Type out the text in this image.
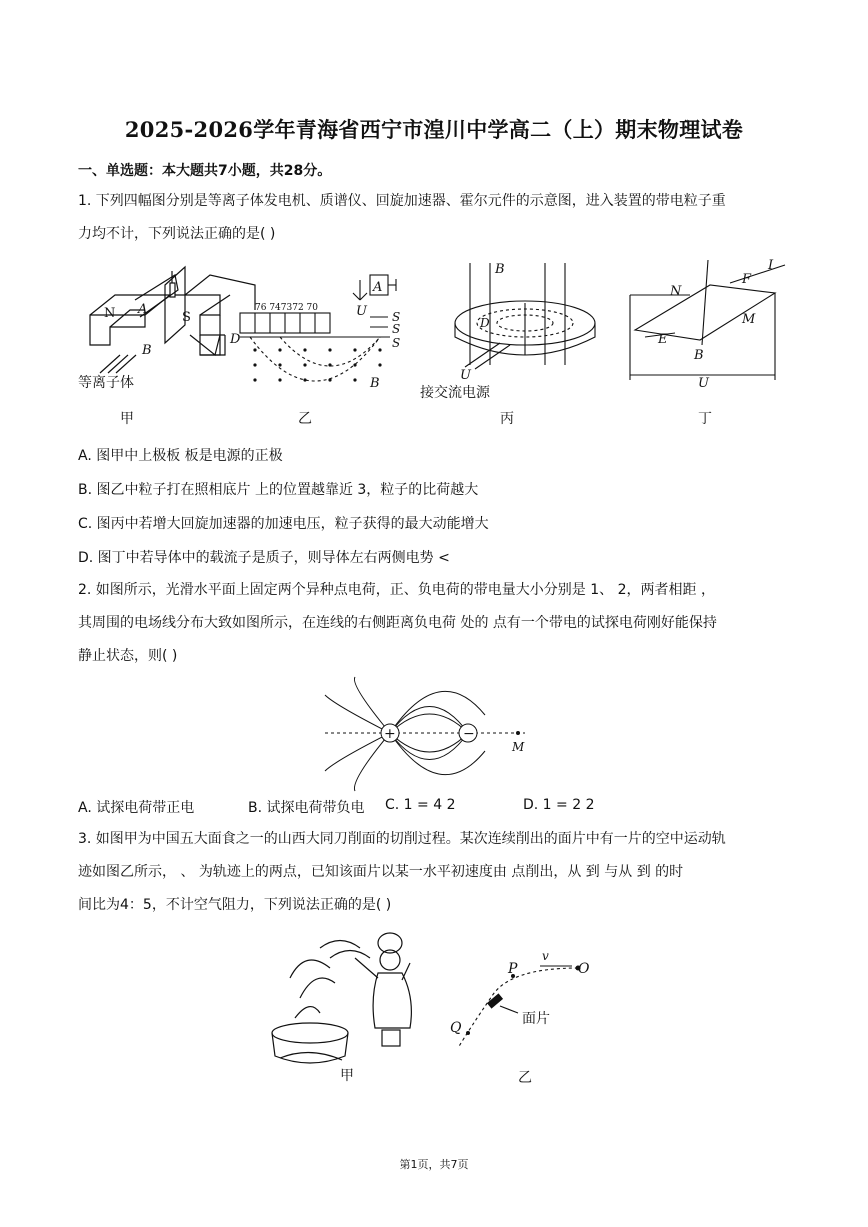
2025-2026学年青海省西宁市湟川中学高二（上）期末物理试卷
一、单选题：本大题共7小题，共28分。
1. 下列四幅图分别是等离子体发电机、质谱仪、回旋加速器、霍尔元件的示意图，进入装置的带电粒子重
力均不计，下列说法正确的是( )
N A
S
B
等离子体
甲
76 747372 70
D
A
U S
S
S
B
乙
B
D
U
接交流电源
丙
N
F
I
M
E
B
U
丁
A. 图甲中上极板 板是电源的正极
B. 图乙中粒子打在照相底片 上的位置越靠近 3，粒子的比荷越大
C. 图丙中若增大回旋加速器的加速电压，粒子获得的最大动能增大
D. 图丁中若导体中的载流子是质子，则导体左右两侧电势 <
2. 如图所示，光滑水平面上固定两个异种点电荷，正、负电荷的带电量大小分别是 1、 2，两者相距 ，
其周围的电场线分布大致如图所示，在连线的右侧距离负电荷 处的 点有一个带电的试探电荷刚好能保持
静止状态，则( )
+	−
M
A. 试探电荷带正电	B. 试探电荷带负电 C. 1 = 4 2	D. 1 = 2 2
3. 如图甲为中国五大面食之一的山西大同刀削面的切削过程。某次连续削出的面片中有一片的空中运动轨
迹如图乙所示， 、 为轨迹上的两点，已知该面片以某一水平初速度由 点削出，从 到 与从 到 的时
间比为4：5，不计空气阻力，下列说法正确的是( )
甲
P	O
Q
v
面片
乙
第1页，共7页
